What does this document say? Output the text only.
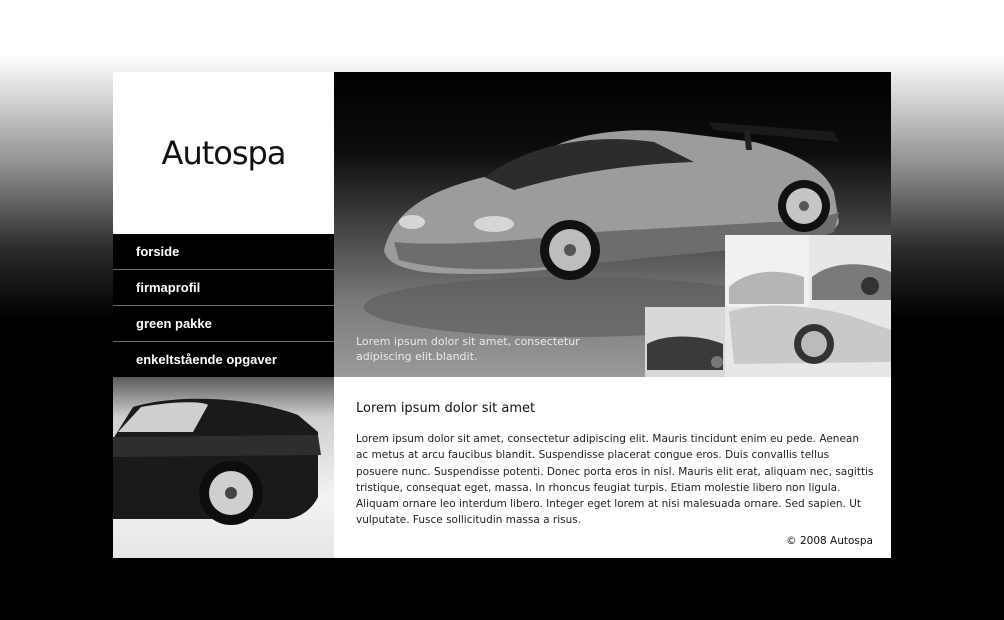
Autospa
forside
firmaprofil
green pakke
enkeltstående opgaver
Lorem ipsum dolor sit amet, consectetur adipiscing elit.blandit.
Lorem ipsum dolor sit amet

Lorem ipsum dolor sit amet, consectetur adipiscing elit. Mauris tincidunt enim eu pede. Aenean ac metus at arcu faucibus blandit. Suspendisse placerat congue eros. Duis convallis tellus posuere nunc. Suspendisse potenti. Donec porta eros in nisl. Mauris elit erat, aliquam nec, sagittis tristique, consequat eget, massa. In rhoncus feugiat turpis. Etiam molestie libero non ligula. Aliquam ornare leo interdum libero. Integer eget lorem at nisi malesuada ornare. Sed sapien. Ut vulputate. Fusce sollicitudin massa a risus.

© 2008 Autospa
